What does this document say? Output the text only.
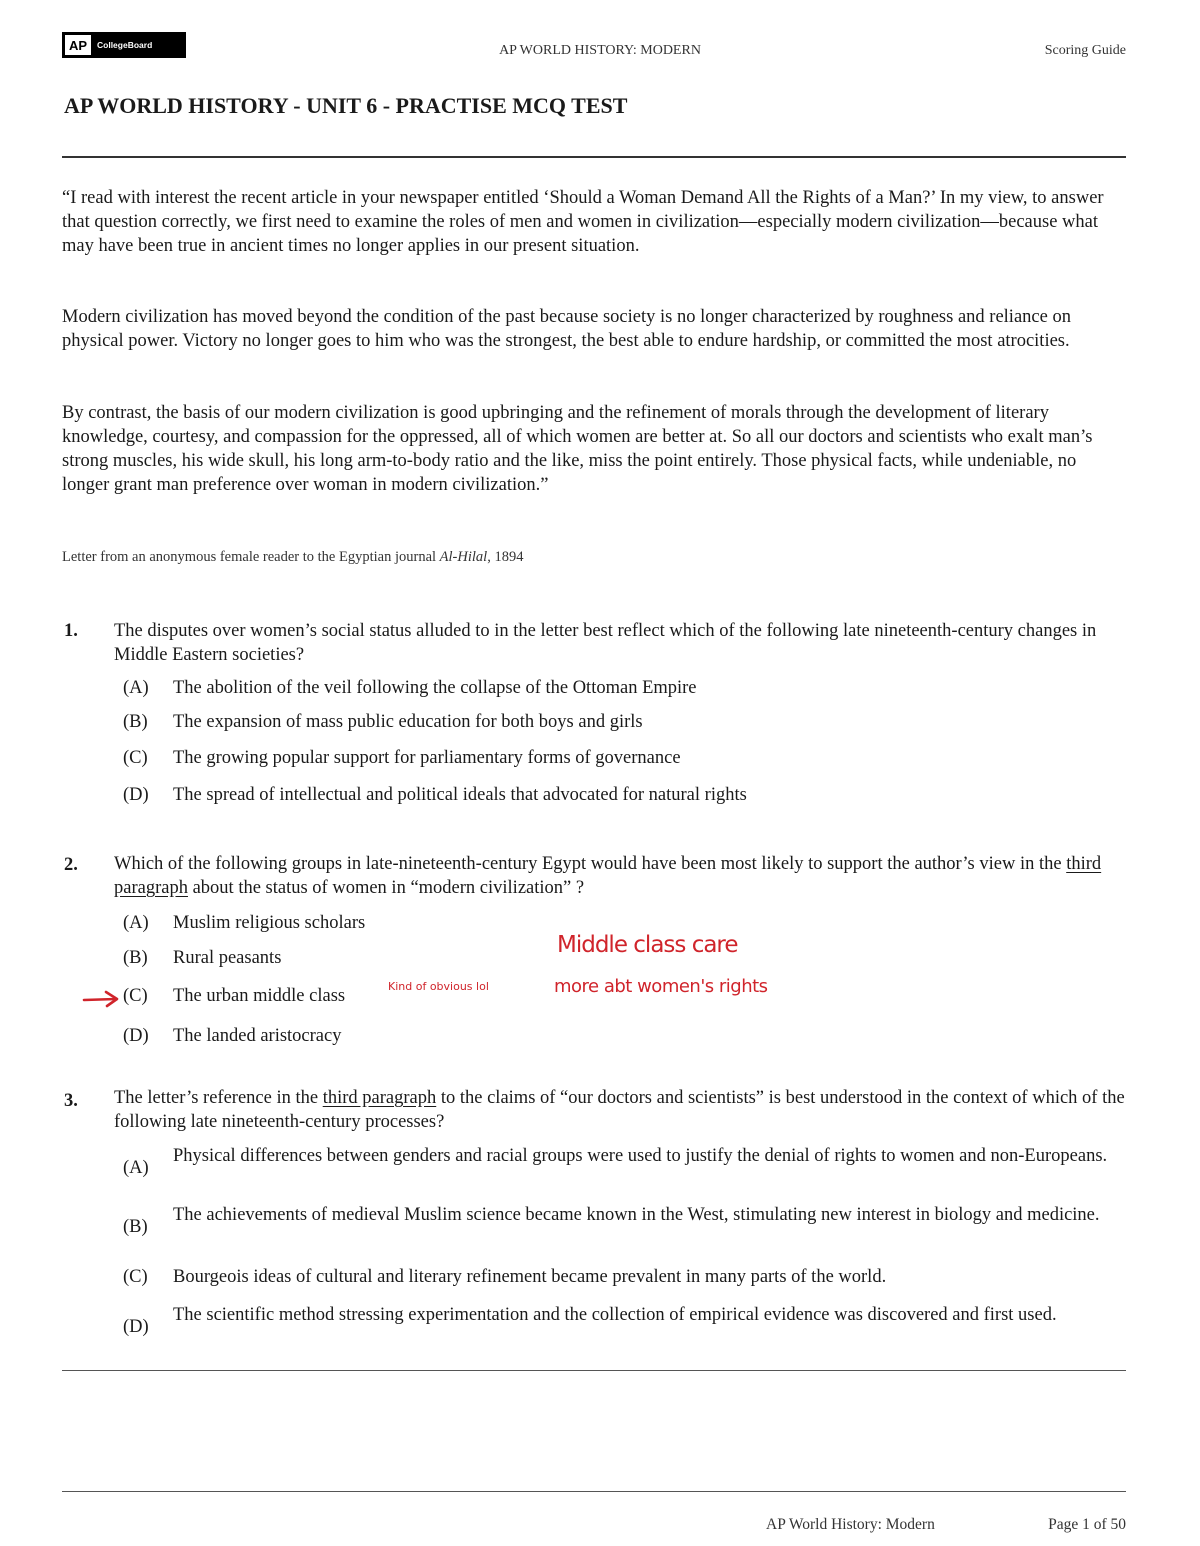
AP	CollegeBoard	AP WORLD HISTORY: MODERN	Scoring Guide
AP WORLD HISTORY - UNIT 6 - PRACTISE MCQ TEST
“I read with interest the recent article in your newspaper entitled ‘Should a Woman Demand All the Rights of a Man?’ In my view, to answer that question correctly, we first need to examine the roles of men and women in civilization—especially modern civilization—because what may have been true in ancient times no longer applies in our present situation.
Modern civilization has moved beyond the condition of the past because society is no longer characterized by roughness and reliance on physical power. Victory no longer goes to him who was the strongest, the best able to endure hardship, or committed the most atrocities.
By contrast, the basis of our modern civilization is good upbringing and the refinement of morals through the development of literary knowledge, courtesy, and compassion for the oppressed, all of which women are better at. So all our doctors and scientists who exalt man’s strong muscles, his wide skull, his long arm-to-body ratio and the like, miss the point entirely. Those physical facts, while undeniable, no longer grant man preference over woman in modern civilization.”
Letter from an anonymous female reader to the Egyptian journal Al-Hilal, 1894
1. The disputes over women’s social status alluded to in the letter best reflect which of the following late nineteenth-century changes in Middle Eastern societies?
(A)	The abolition of the veil following the collapse of the Ottoman Empire
(B)	The expansion of mass public education for both boys and girls
(C)	The growing popular support for parliamentary forms of governance
(D)	The spread of intellectual and political ideals that advocated for natural rights
2. Which of the following groups in late-nineteenth-century Egypt would have been most likely to support the author’s view in the third paragraph about the status of women in “modern civilization” ?
(A)	Muslim religious scholars
(B)	Rural peasants
(C)	The urban middle class
(D)	The landed aristocracy
Kind of obvious lol
Middle class care
more abt women's rights
3. The letter’s reference in the third paragraph to the claims of “our doctors and scientists” is best understood in the context of which of the following late nineteenth-century processes?
(A)
Physical differences between genders and racial groups were used to justify the denial of rights to women and non-Europeans.
(B)
The achievements of medieval Muslim science became known in the West, stimulating new interest in biology and medicine.
(C)	Bourgeois ideas of cultural and literary refinement became prevalent in many parts of the world.
(D)
The scientific method stressing experimentation and the collection of empirical evidence was discovered and first used.
AP World History: Modern	Page 1 of 50
